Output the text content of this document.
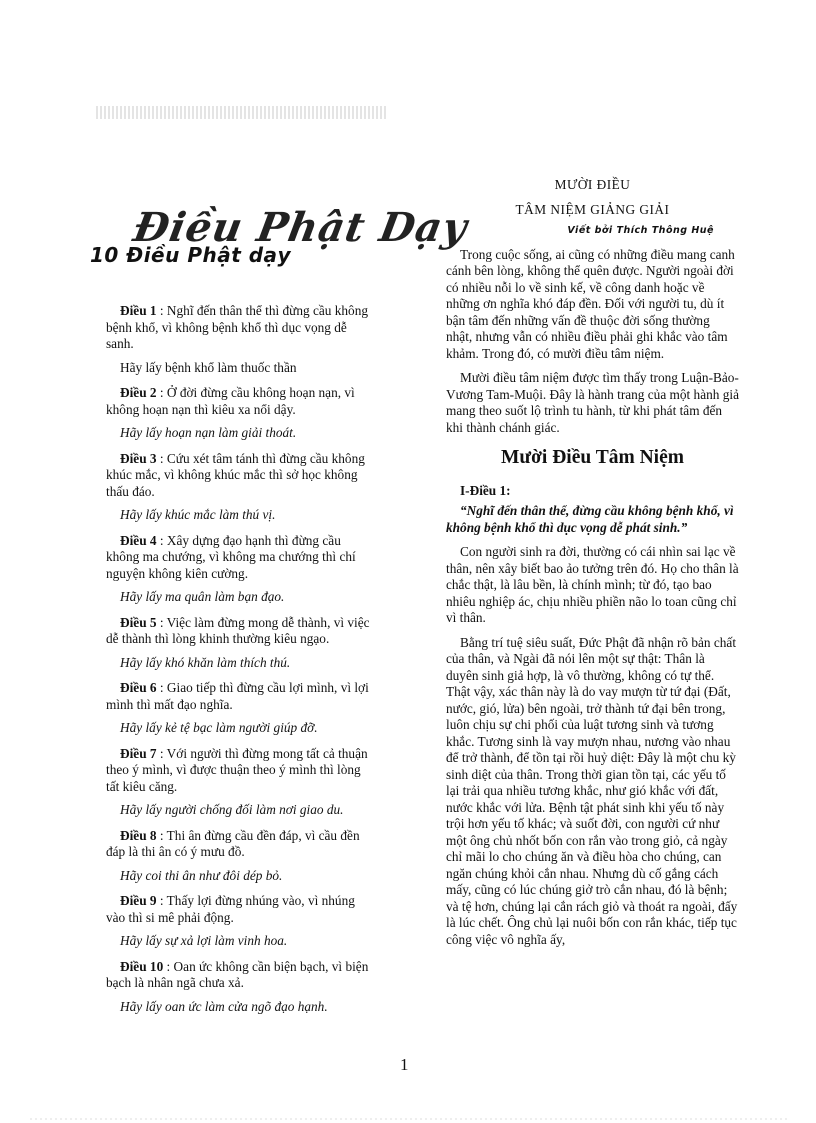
Điều Phật Dạy
10 Điều Phật dạy

Điều 1 : Nghĩ đến thân thể thì đừng cầu không bệnh khổ, vì không bệnh khổ thì dục vọng dễ sanh.

Hãy lấy bệnh khổ làm thuốc thần

Điều 2 : Ở đời đừng cầu không hoạn nạn, vì không hoạn nạn thì kiêu xa nổi dậy.

Hãy lấy hoạn nạn làm giải thoát.

Điều 3 : Cứu xét tâm tánh thì đừng cầu không khúc mắc, vì không khúc mắc thì sở học không thấu đáo.

Hãy lấy khúc mắc làm thú vị.

Điều 4 : Xây dựng đạo hạnh thì đừng cầu không ma chướng, vì không ma chướng thì chí nguyện không kiên cường.

Hãy lấy ma quân làm bạn đạo.

Điều 5 : Việc làm đừng mong dễ thành, vì việc dễ thành thì lòng khinh thường kiêu ngạo.

Hãy lấy khó khăn làm thích thú.

Điều 6 : Giao tiếp thì đừng cầu lợi mình, vì lợi mình thì mất đạo nghĩa.

Hãy lấy kẻ tệ bạc làm người giúp đỡ.

Điều 7 : Với người thì đừng mong tất cả thuận theo ý mình, vì được thuận theo ý mình thì lòng tất kiêu căng.

Hãy lấy người chống đối làm nơi giao du.

Điều 8 : Thi ân đừng cầu đền đáp, vì cầu đền đáp là thi ân có ý mưu đồ.

Hãy coi thi ân như đôi dép bỏ.

Điều 9 : Thấy lợi đừng nhúng vào, vì nhúng vào thì si mê phải động.

Hãy lấy sự xả lợi làm vinh hoa.

Điều 10 : Oan ức không cần biện bạch, vì biện bạch là nhân ngã chưa xả.

Hãy lấy oan ức làm cửa ngõ đạo hạnh.

MƯỜI ĐIỀU

TÂM NIỆM GIẢNG GIẢI

Viết bởi Thích Thông Huệ

Trong cuộc sống, ai cũng có những điều mang canh cánh bên lòng, không thể quên được. Người ngoài đời có nhiều nỗi lo về sinh kế, về công danh hoặc về những ơn nghĩa khó đáp đền. Đối với người tu, dù ít bận tâm đến những vấn đề thuộc đời sống thường nhật, nhưng vẫn có nhiều điều phải ghi khắc vào tâm khảm. Trong đó, có mười điều tâm niệm.

Mười điều tâm niệm được tìm thấy trong Luận-Bảo-Vương Tam-Muội. Đây là hành trang của một hành giả mang theo suốt lộ trình tu hành, từ khi phát tâm đến khi thành chánh giác.

Mười Điều Tâm Niệm

I-Điều 1:

“Nghĩ đến thân thể, đừng cầu không bệnh khổ, vì không bệnh khổ thì dục vọng dễ phát sinh.”

Con người sinh ra đời, thường có cái nhìn sai lạc về thân, nên xây biết bao ảo tưởng trên đó. Họ cho thân là chắc thật, là lâu bền, là chính mình; từ đó, tạo bao nhiêu nghiệp ác, chịu nhiều phiền não lo toan cũng chỉ vì thân.

Bằng trí tuệ siêu suất, Đức Phật đã nhận rõ bản chất của thân, và Ngài đã nói lên một sự thật: Thân là duyên sinh giả hợp, là vô thường, không có tự thể. Thật vậy, xác thân này là do vay mượn từ tứ đại (Đất, nước, gió, lửa) bên ngoài, trở thành tứ đại bên trong, luôn chịu sự chi phối của luật tương sinh và tương khắc. Tương sinh là vay mượn nhau, nương vào nhau để trở thành, để tồn tại rồi huỷ diệt: Đây là một chu kỳ sinh diệt của thân. Trong thời gian tồn tại, các yếu tố lại trải qua nhiều tương khắc, như gió khắc với đất, nước khắc với lửa. Bệnh tật phát sinh khi yếu tố này trội hơn yếu tố khác; và suốt đời, con người cứ như một ông chủ nhốt bốn con rắn vào trong giỏ, cả ngày chỉ mãi lo cho chúng ăn và điều hòa cho chúng, can ngăn chúng khỏi cắn nhau. Nhưng dù cố gắng cách mấy, cũng có lúc chúng giở trò cắn nhau, đó là bệnh; và tệ hơn, chúng lại cắn rách giỏ và thoát ra ngoài, đấy là lúc chết. Ông chủ lại nuôi bốn con rắn khác, tiếp tục công việc vô nghĩa ấy,

1
